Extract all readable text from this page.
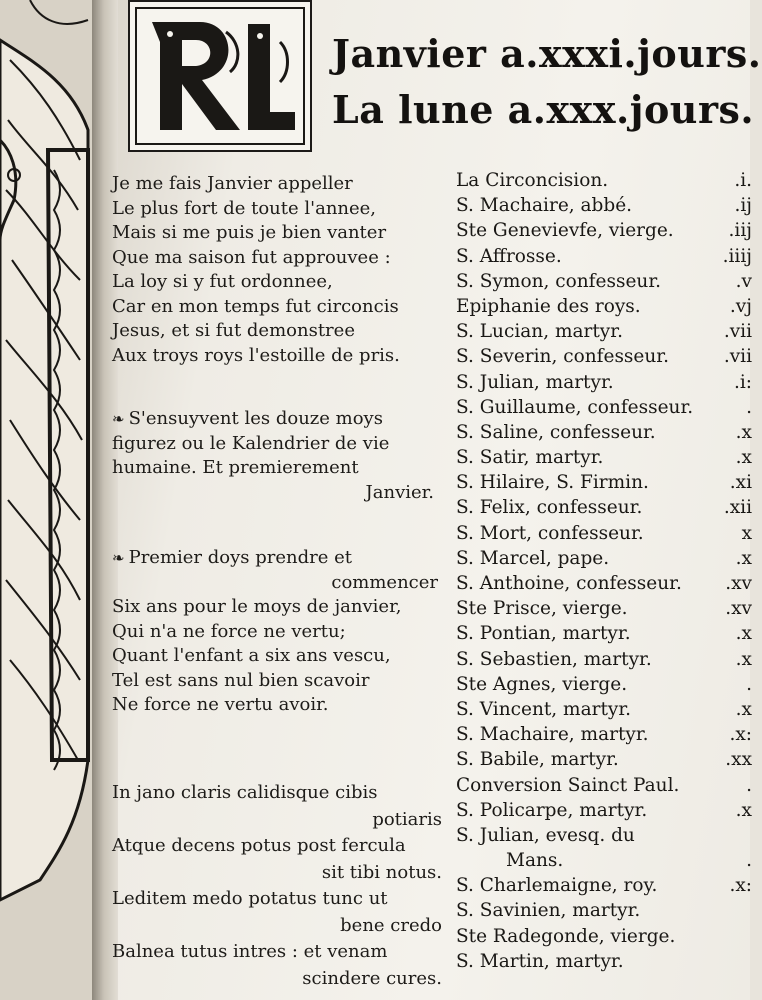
Janvier a.xxxi.jours.
La lune a.xxx.jours.
Je me fais Janvier appeller
Le plus fort de toute l'annee,
Mais si me puis je bien vanter
Que ma saison fut approuvee :
La loy si y fut ordonnee,
Car en mon temps fut circoncis
Jesus, et si fut demonstree
Aux troys roys l'estoille de pris.
❧ S'ensuyvent les douze moys
figurez ou le Kalendrier de vie
humaine. Et premierement
Janvier.
❧ Premier doys prendre et
commencer
Six ans pour le moys de janvier,
Qui n'a ne force ne vertu;
Quant l'enfant a six ans vescu,
Tel est sans nul bien scavoir
Ne force ne vertu avoir.
In jano claris calidisque cibis
potiaris
Atque decens potus post fercula
sit tibi notus.
Leditem medo potatus tunc ut
bene credo
Balnea tutus intres : et venam
scindere cures.
La Circoncision.	.i.
S. Machaire, abbé.	.ij
Ste Genevievfe, vierge.	.iij
S. Affrosse.	.iiij
S. Symon, confesseur.	.v
Epiphanie des roys.	.vj
S. Lucian, martyr.	.vii
S. Severin, confesseur.	.vii
S. Julian, martyr.	.i:
S. Guillaume, confesseur.	.
S. Saline, confesseur.	.x
S. Satir, martyr.	.x
S. Hilaire, S. Firmin.	.xi
S. Felix, confesseur.	.xii
S. Mort, confesseur.	x
S. Marcel, pape.	.x
S. Anthoine, confesseur. .xv
Ste Prisce, vierge.	.xv
S. Pontian, martyr.	.x
S. Sebastien, martyr.	.x
Ste Agnes, vierge.	.
S. Vincent, martyr.	.x
S. Machaire, martyr.	.x:
S. Babile, martyr.	.xx
Conversion Sainct Paul.	.
S. Policarpe, martyr.	.x
S. Julian, evesq. du
Mans.	.
S. Charlemaigne, roy.	.x:
S. Savinien, martyr.
Ste Radegonde, vierge.
S. Martin, martyr.
